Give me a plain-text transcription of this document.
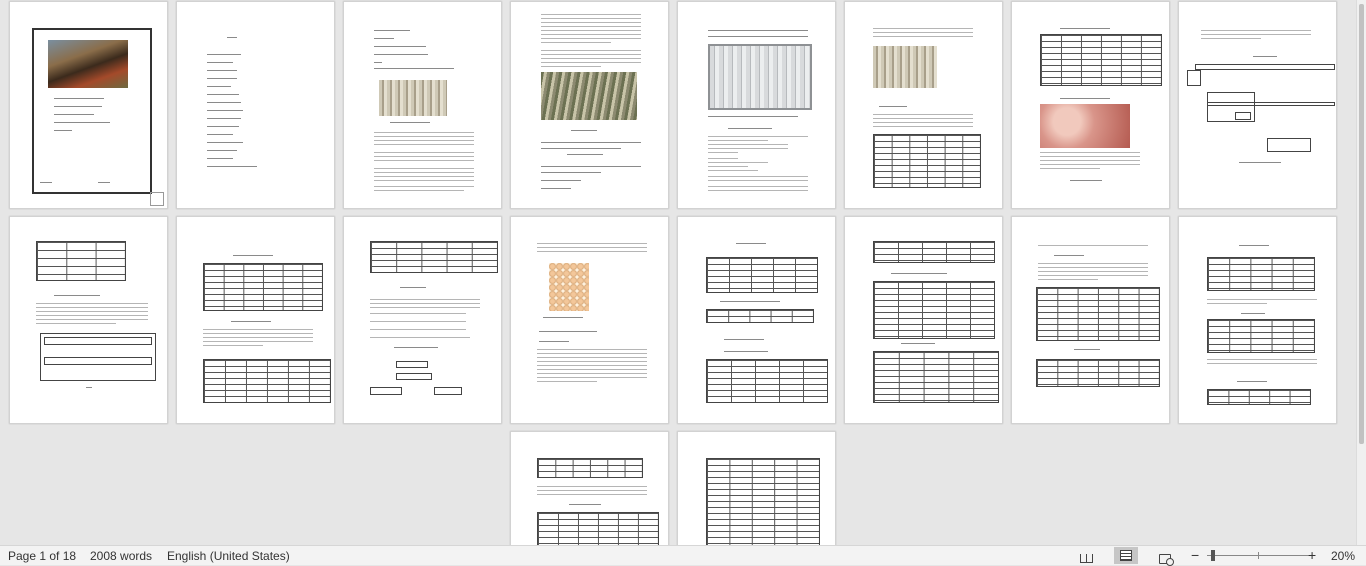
Page 1 of 18 2008 words English (United States)	−	+ 20%
